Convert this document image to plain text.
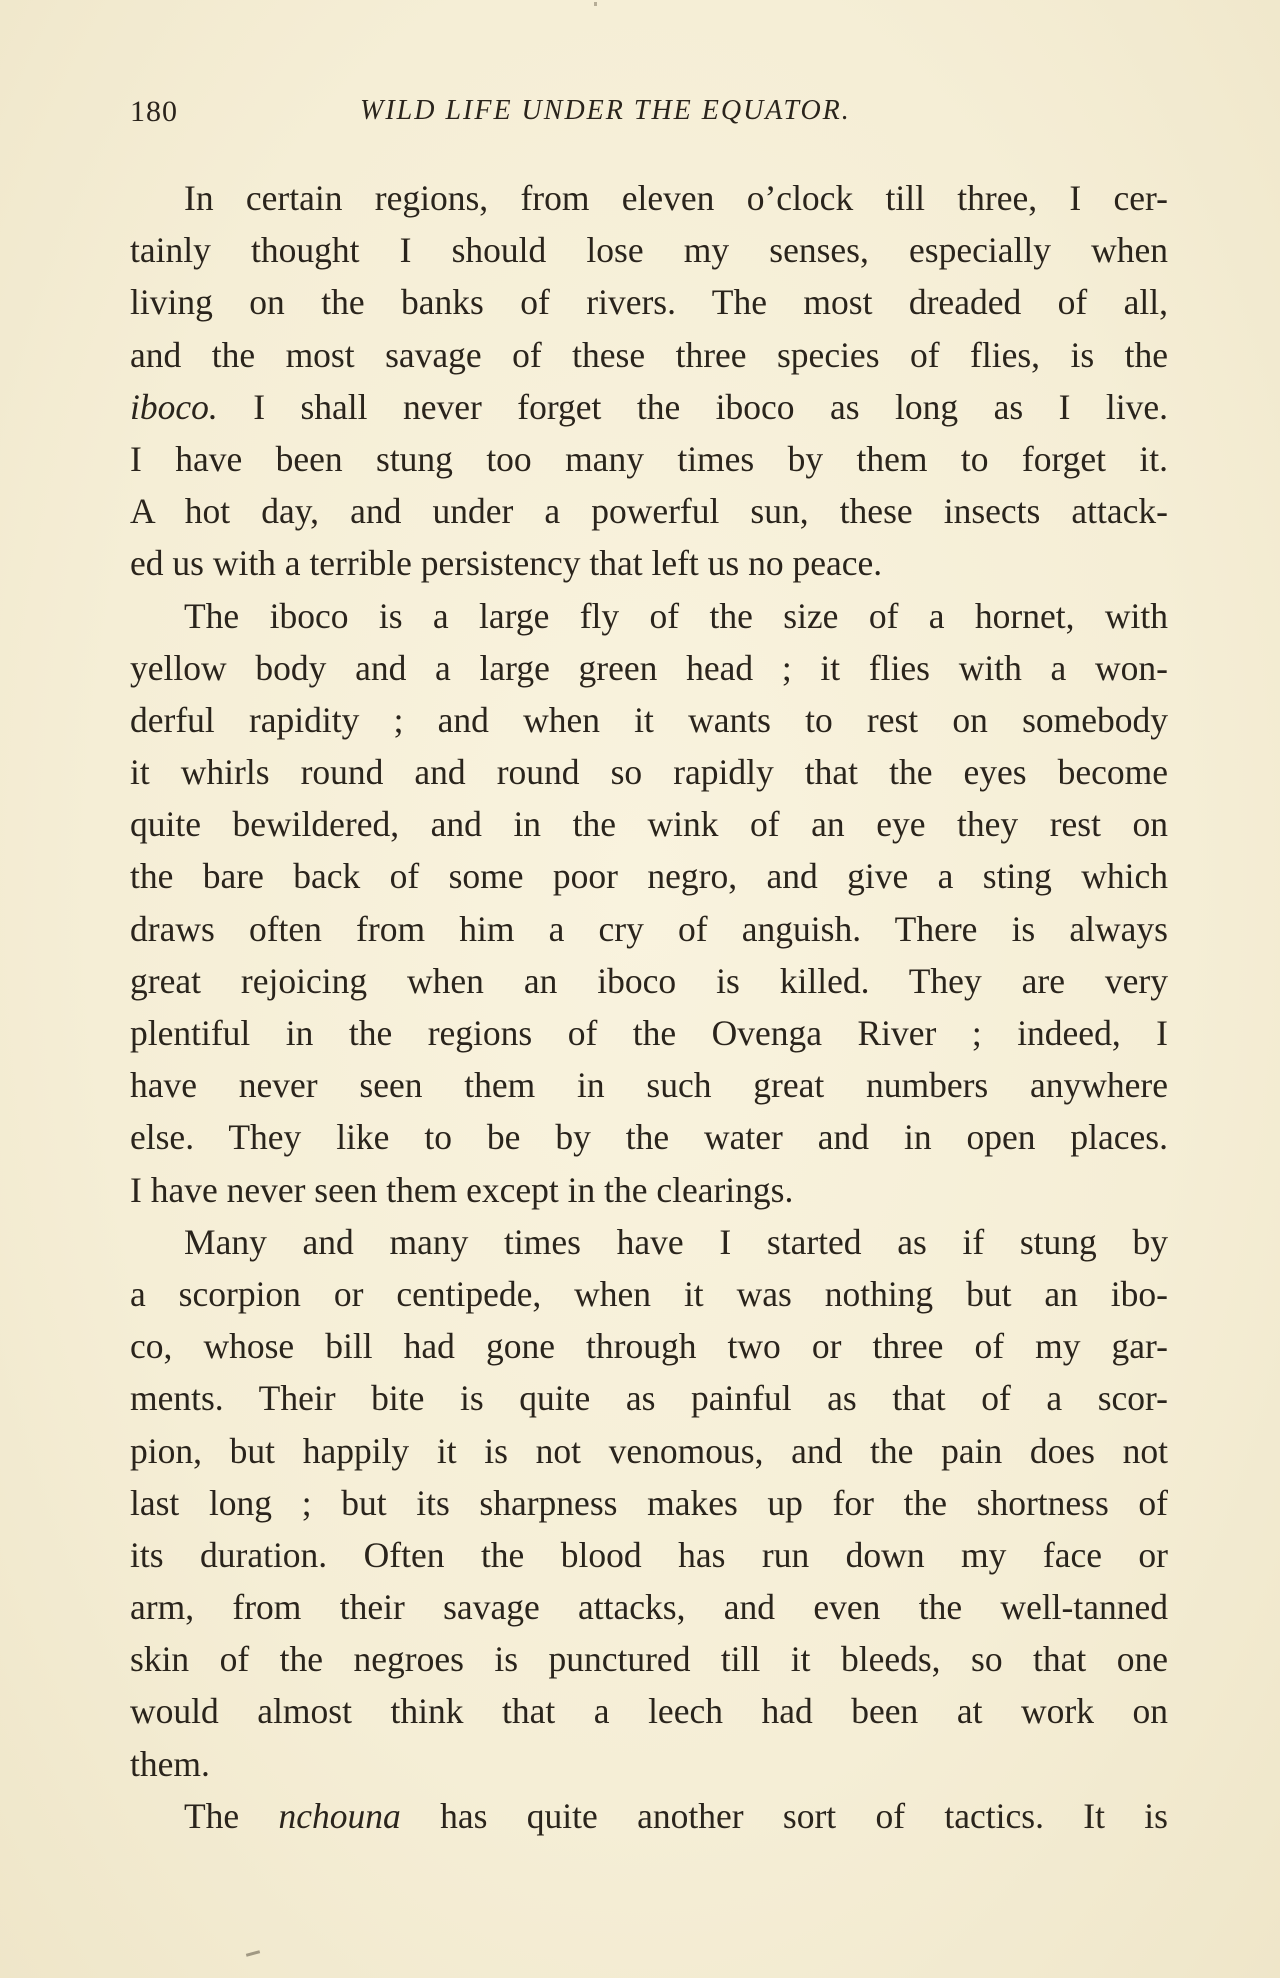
180	WILD LIFE UNDER THE EQUATOR.
In certain regions, from eleven o’clock till three, I cer-
tainly thought I should lose my senses, especially when
living on the banks of rivers. The most dreaded of all,
and the most savage of these three species of flies, is the
iboco. I shall never forget the iboco as long as I live.
I have been stung too many times by them to forget it.
A hot day, and under a powerful sun, these insects attack-
ed us with a terrible persistency that left us no peace.
The iboco is a large fly of the size of a hornet, with
yellow body and a large green head ; it flies with a won-
derful rapidity ; and when it wants to rest on somebody
it whirls round and round so rapidly that the eyes become
quite bewildered, and in the wink of an eye they rest on
the bare back of some poor negro, and give a sting which
draws often from him a cry of anguish. There is always
great rejoicing when an iboco is killed. They are very
plentiful in the regions of the Ovenga River ; indeed, I
have never seen them in such great numbers anywhere
else. They like to be by the water and in open places.
I have never seen them except in the clearings.
Many and many times have I started as if stung by
a scorpion or centipede, when it was nothing but an ibo-
co, whose bill had gone through two or three of my gar-
ments. Their bite is quite as painful as that of a scor-
pion, but happily it is not venomous, and the pain does not
last long ; but its sharpness makes up for the shortness of
its duration. Often the blood has run down my face or
arm, from their savage attacks, and even the well-tanned
skin of the negroes is punctured till it bleeds, so that one
would almost think that a leech had been at work on
them.
The nchouna has quite another sort of tactics. It is
